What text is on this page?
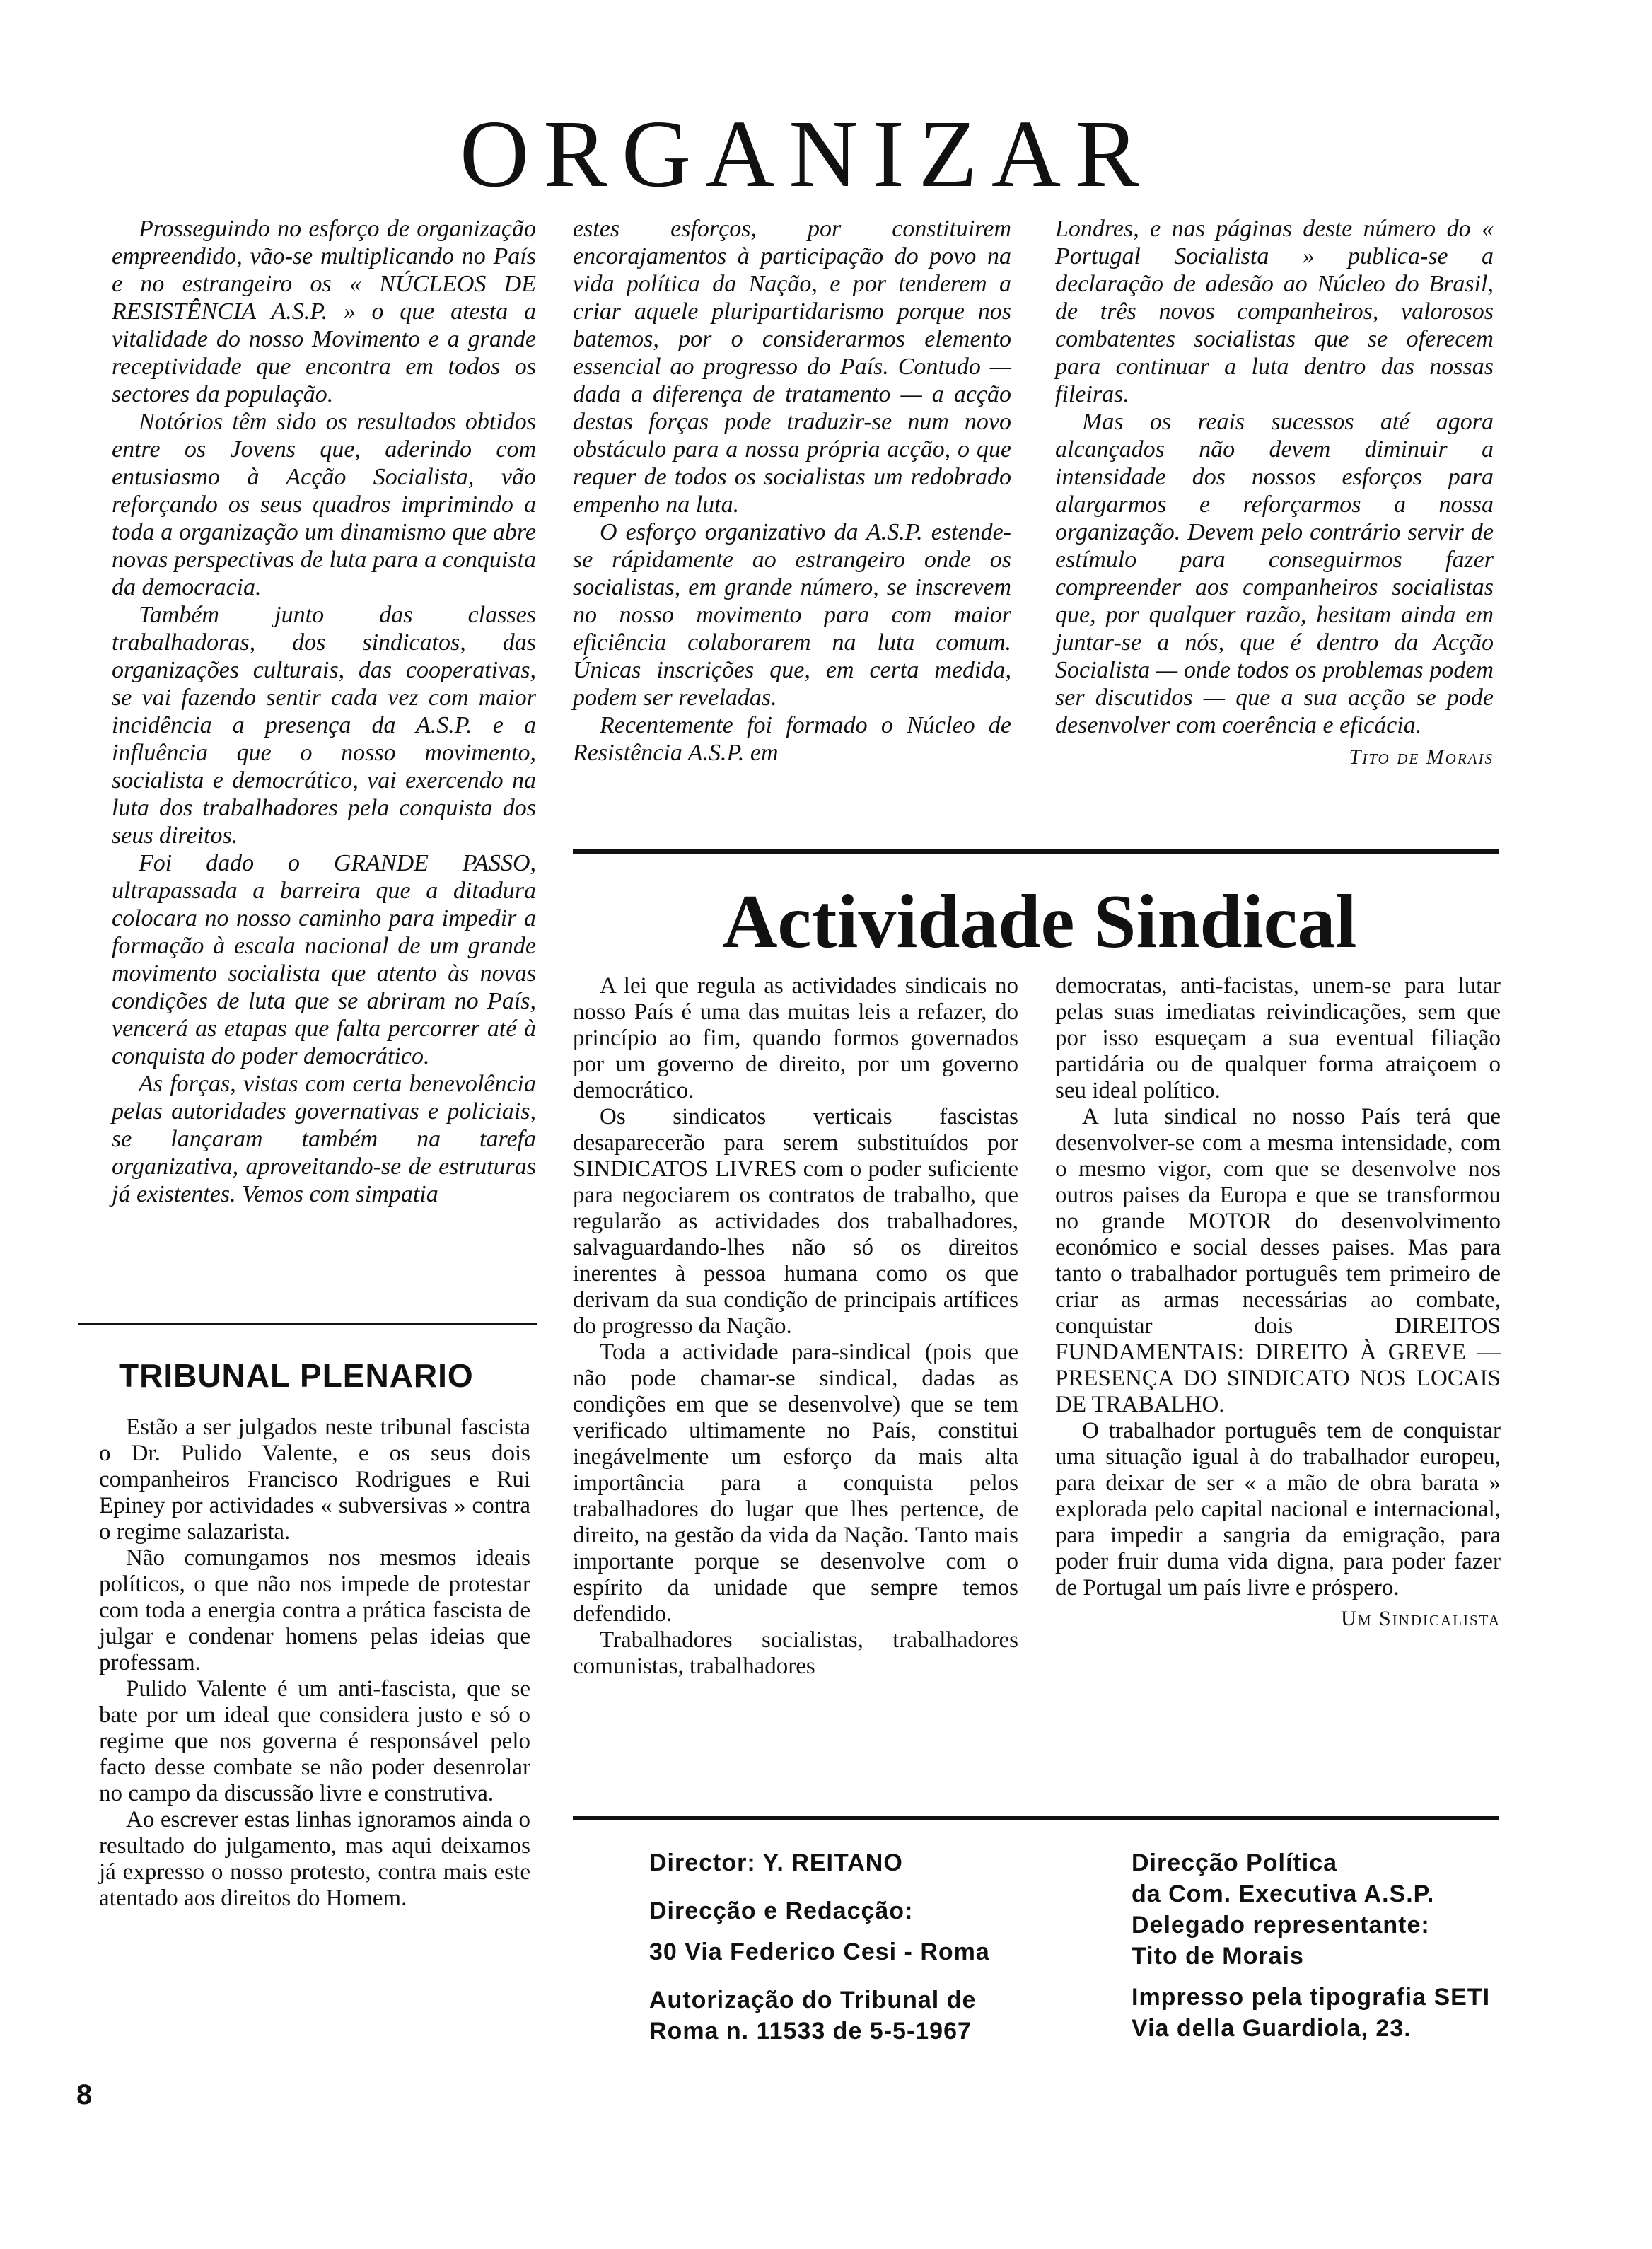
ORGANIZAR

Prosseguindo no esforço de organização empreendido, vão-se multiplicando no País e no estrangeiro os « NÚCLEOS DE RESISTÊNCIA A.S.P. » o que atesta a vitalidade do nosso Movimento e a grande receptividade que encontra em todos os sectores da população.

Notórios têm sido os resultados obtidos entre os Jovens que, aderindo com entusiasmo à Acção Socialista, vão reforçando os seus quadros imprimindo a toda a organização um dinamismo que abre novas perspectivas de luta para a conquista da democracia.

Também junto das classes trabalhadoras, dos sindicatos, das organizações culturais, das cooperativas, se vai fazendo sentir cada vez com maior incidência a presença da A.S.P. e a influência que o nosso movimento, socialista e democrático, vai exercendo na luta dos trabalhadores pela conquista dos seus direitos.

Foi dado o GRANDE PASSO, ultrapassada a barreira que a ditadura colocara no nosso caminho para impedir a formação à escala nacional de um grande movimento socialista que atento às novas condições de luta que se abriram no País, vencerá as etapas que falta percorrer até à conquista do poder democrático.

As forças, vistas com certa benevolência pelas autoridades governativas e policiais, se lançaram também na tarefa organizativa, aproveitando-se de estruturas já existentes. Vemos com simpatia

estes esforços, por constituirem encorajamentos à participação do povo na vida política da Nação, e por tenderem a criar aquele pluripartidarismo porque nos batemos, por o considerarmos elemento essencial ao progresso do País. Contudo — dada a diferença de tratamento — a acção destas forças pode traduzir-se num novo obstáculo para a nossa própria acção, o que requer de todos os socialistas um redobrado empenho na luta.

O esforço organizativo da A.S.P. estende-se rápidamente ao estrangeiro onde os socialistas, em grande número, se inscrevem no nosso movimento para com maior eficiência colaborarem na luta comum. Únicas inscrições que, em certa medida, podem ser reveladas.

Recentemente foi formado o Núcleo de Resistência A.S.P. em

Londres, e nas páginas deste número do « Portugal Socialista » publica-se a declaração de adesão ao Núcleo do Brasil, de três novos companheiros, valorosos combatentes socialistas que se oferecem para continuar a luta dentro das nossas fileiras.

Mas os reais sucessos até agora alcançados não devem diminuir a intensidade dos nossos esforços para alargarmos e reforçarmos a nossa organização. Devem pelo contrário servir de estímulo para conseguirmos fazer compreender aos companheiros socialistas que, por qualquer razão, hesitam ainda em juntar-se a nós, que é dentro da Acção Socialista — onde todos os problemas podem ser discutidos — que a sua acção se pode desenvolver com coerência e eficácia.

Tito de Morais
Actividade Sindical

A lei que regula as actividades sindicais no nosso País é uma das muitas leis a refazer, do princípio ao fim, quando formos governados por um governo de direito, por um governo democrático.

Os sindicatos verticais fascistas desaparecerão para serem substituídos por SINDICATOS LIVRES com o poder suficiente para negociarem os contratos de trabalho, que regularão as actividades dos trabalhadores, salvaguardando-lhes não só os direitos inerentes à pessoa humana como os que derivam da sua condição de principais artífices do progresso da Nação.

Toda a actividade para-sindical (pois que não pode chamar-se sindical, dadas as condições em que se desenvolve) que se tem verificado ultimamente no País, constitui inegávelmente um esforço da mais alta importância para a conquista pelos trabalhadores do lugar que lhes pertence, de direito, na gestão da vida da Nação. Tanto mais importante porque se desenvolve com o espírito da unidade que sempre temos defendido.

Trabalhadores socialistas, trabalhadores comunistas, trabalhadores

democratas, anti-facistas, unem-se para lutar pelas suas imediatas reivindicações, sem que por isso esqueçam a sua eventual filiação partidária ou de qualquer forma atraiçoem o seu ideal político.

A luta sindical no nosso País terá que desenvolver-se com a mesma intensidade, com o mesmo vigor, com que se desenvolve nos outros paises da Europa e que se transformou no grande MOTOR do desenvolvimento económico e social desses paises. Mas para tanto o trabalhador português tem primeiro de criar as armas necessárias ao combate, conquistar dois DIREITOS FUNDAMENTAIS: DIREITO À GREVE — PRESENÇA DO SINDICATO NOS LOCAIS DE TRABALHO.

O trabalhador português tem de conquistar uma situação igual à do trabalhador europeu, para deixar de ser « a mão de obra barata » explorada pelo capital nacional e internacional, para impedir a sangria da emigração, para poder fruir duma vida digna, para poder fazer de Portugal um país livre e próspero.

Um Sindicalista
TRIBUNAL PLENARIO

Estão a ser julgados neste tribunal fascista o Dr. Pulido Valente, e os seus dois companheiros Francisco Rodrigues e Rui Epiney por actividades « subversivas » contra o regime salazarista.

Não comungamos nos mesmos ideais políticos, o que não nos impede de protestar com toda a energia contra a prática fascista de julgar e condenar homens pelas ideias que professam.

Pulido Valente é um anti-fascista, que se bate por um ideal que considera justo e só o regime que nos governa é responsável pelo facto desse combate se não poder desenrolar no campo da discussão livre e construtiva.

Ao escrever estas linhas ignoramos ainda o resultado do julgamento, mas aqui deixamos já expresso o nosso protesto, contra mais este atentado aos direitos do Homem.

Director: Y. REITANO
Direcção e Redacção:
30 Via Federico Cesi - Roma
Autorização do Tribunal de
Roma n. 11533 de 5-5-1967
Direcção Política
da Com. Executiva A.S.P.
Delegado representante:
Tito de Morais
Impresso pela tipografia SETI
Via della Guardiola, 23.
8
